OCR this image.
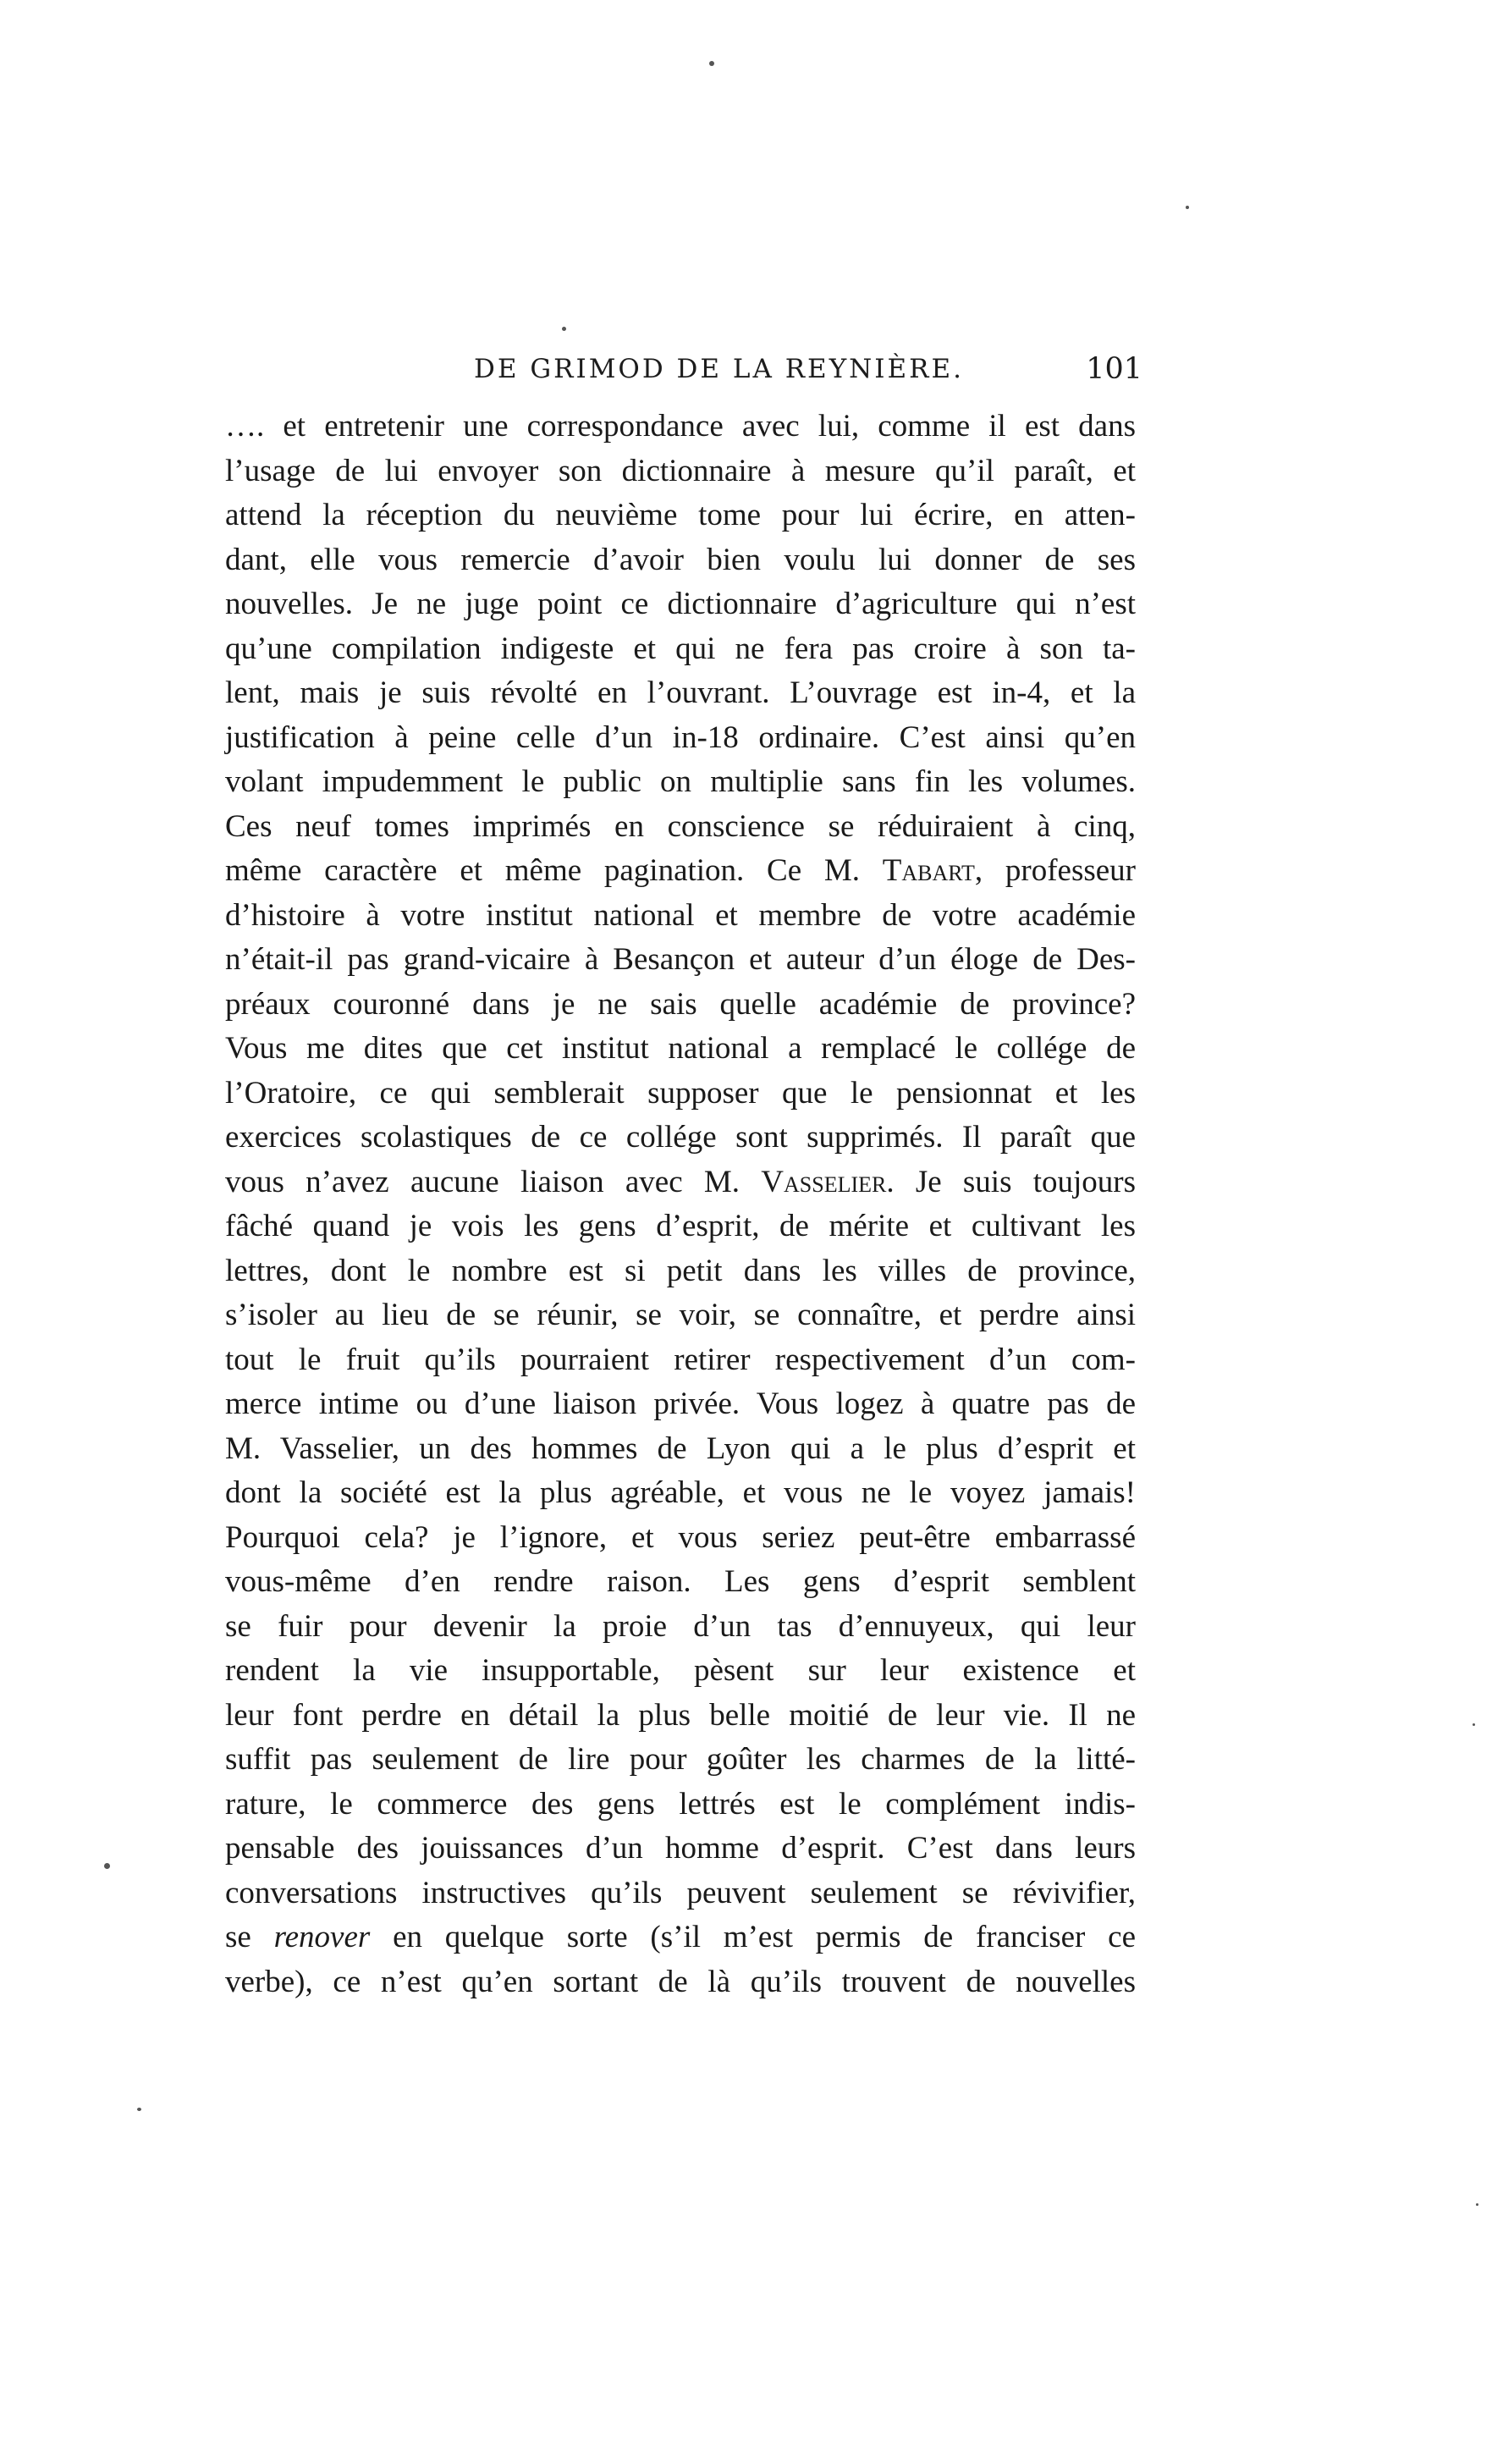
DE GRIMOD DE LA REYNIÈRE.	101
…. et entretenir une correspondance avec lui, comme il est dans
l’usage de lui envoyer son dictionnaire à mesure qu’il paraît, et
attend la réception du neuvième tome pour lui écrire, en atten-
dant, elle vous remercie d’avoir bien voulu lui donner de ses
nouvelles. Je ne juge point ce dictionnaire d’agriculture qui n’est
qu’une compilation indigeste et qui ne fera pas croire à son ta-
lent, mais je suis révolté en l’ouvrant. L’ouvrage est in-4, et la
justification à peine celle d’un in-18 ordinaire. C’est ainsi qu’en
volant impudemment le public on multiplie sans fin les volumes.
Ces neuf tomes imprimés en conscience se réduiraient à cinq,
même caractère et même pagination. Ce M. Tabart, professeur
d’histoire à votre institut national et membre de votre académie
n’était-il pas grand-vicaire à Besançon et auteur d’un éloge de Des-
préaux couronné dans je ne sais quelle académie de province?
Vous me dites que cet institut national a remplacé le collége de
l’Oratoire, ce qui semblerait supposer que le pensionnat et les
exercices scolastiques de ce collége sont supprimés. Il paraît que
vous n’avez aucune liaison avec M. Vasselier. Je suis toujours
fâché quand je vois les gens d’esprit, de mérite et cultivant les
lettres, dont le nombre est si petit dans les villes de province,
s’isoler au lieu de se réunir, se voir, se connaître, et perdre ainsi
tout le fruit qu’ils pourraient retirer respectivement d’un com-
merce intime ou d’une liaison privée. Vous logez à quatre pas de
M. Vasselier, un des hommes de Lyon qui a le plus d’esprit et
dont la société est la plus agréable, et vous ne le voyez jamais!
Pourquoi cela? je l’ignore, et vous seriez peut-être embarrassé
vous-même d’en rendre raison. Les gens d’esprit semblent
se fuir pour devenir la proie d’un tas d’ennuyeux, qui leur
rendent la vie insupportable, pèsent sur leur existence et
leur font perdre en détail la plus belle moitié de leur vie. Il ne
suffit pas seulement de lire pour goûter les charmes de la litté-
rature, le commerce des gens lettrés est le complément indis-
pensable des jouissances d’un homme d’esprit. C’est dans leurs
conversations instructives qu’ils peuvent seulement se révivifier,
se renover en quelque sorte (s’il m’est permis de franciser ce
verbe), ce n’est qu’en sortant de là qu’ils trouvent de nouvelles
